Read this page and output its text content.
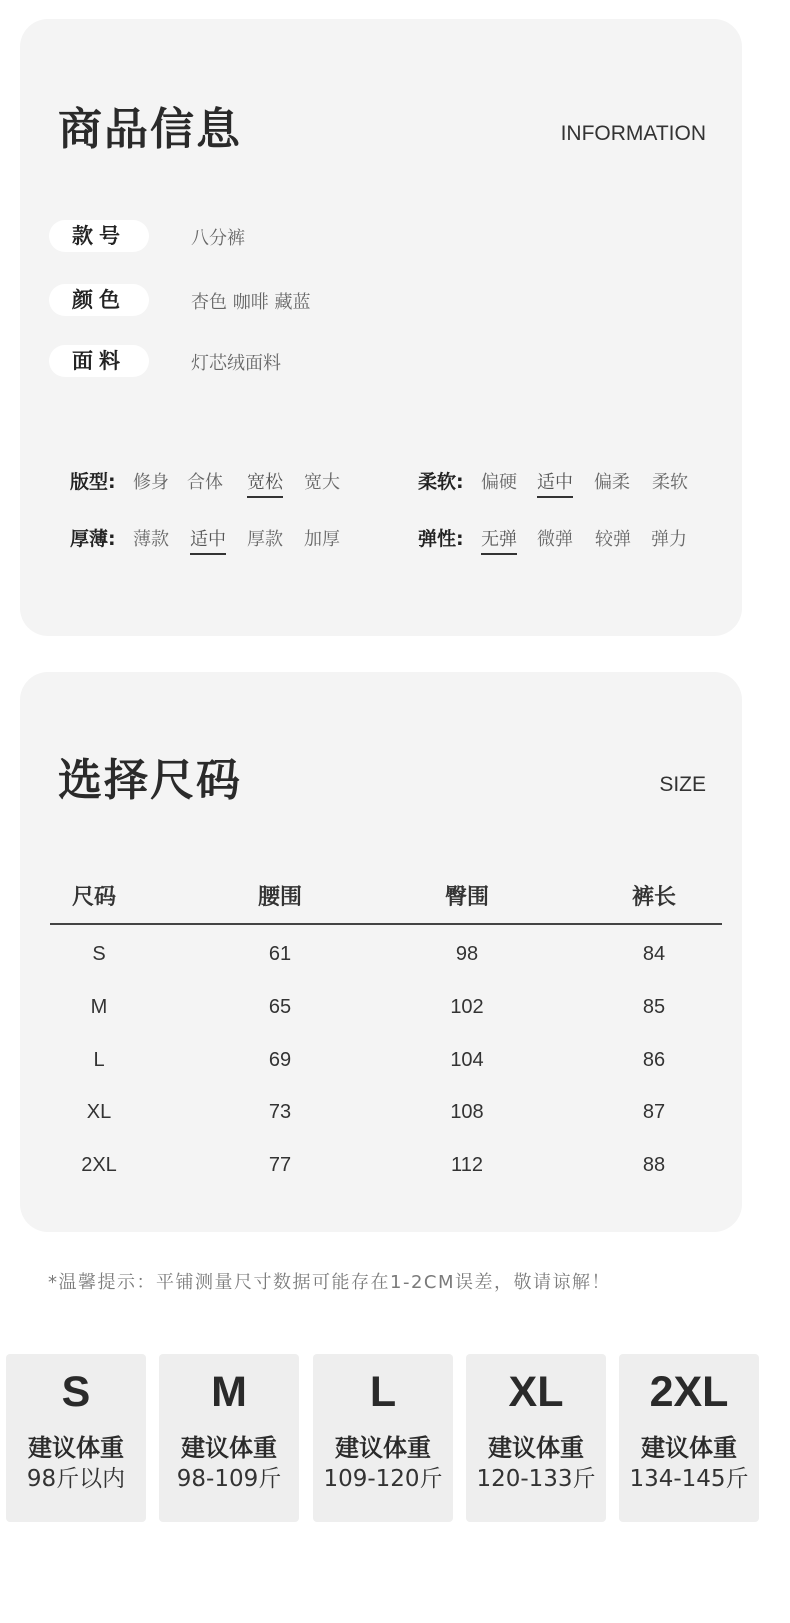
商品信息	INFORMATION
款号	八分裤
颜色	杏色 咖啡 藏蓝
面料	灯芯绒面料
版型: 修身 合体 宽松 宽大	柔软: 偏硬 适中 偏柔 柔软
厚薄: 薄款 适中 厚款 加厚	弹性: 无弹 微弹 较弹 弹力
选择尺码	SIZE
尺码	腰围	臀围	裤长
S	61	98	84
M	65	102	85
L	69	104	86
XL	73	108	87
2XL	77	112	88
*温馨提示：平铺测量尺寸数据可能存在1-2CM误差，敬请谅解！
S
建议体重
98斤以内
M
建议体重
98-109斤
L
建议体重
109-120斤
XL
建议体重
120-133斤
2XL
建议体重
134-145斤
